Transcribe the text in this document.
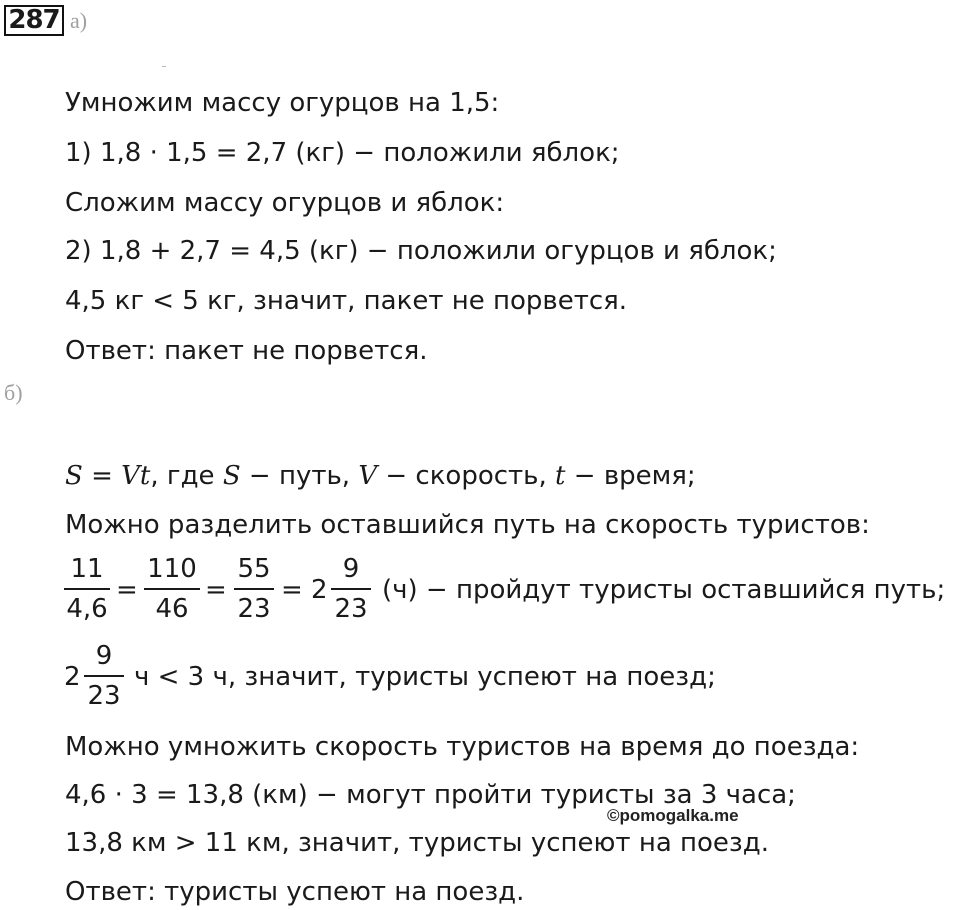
287 а)
Умножим массу огурцов на 1,5:
1) 1,8 · 1,5 = 2,7 (кг) − положили яблок;
Сложим массу огурцов и яблок:
2) 1,8 + 2,7 = 4,5 (кг) − положили огурцов и яблок;
4,5 кг < 5 кг, значит, пакет не порвется.
Ответ: пакет не порвется.
б)
S = Vt, где S − путь, V − скорость, t − время;
Можно разделить оставшийся путь на скорость туристов:
11
4,6
=
110
46
=
55
23
= 2
9
23
(ч) − пройдут туристы оставшийся путь;
2
9
23
ч < 3 ч, значит, туристы успеют на поезд;
Можно умножить скорость туристов на время до поезда:
4,6 · 3 = 13,8 (км) − могут пройти туристы за 3 часа;
©pomogalka.me
13,8 км > 11 км, значит, туристы успеют на поезд.
Ответ: туристы успеют на поезд.
